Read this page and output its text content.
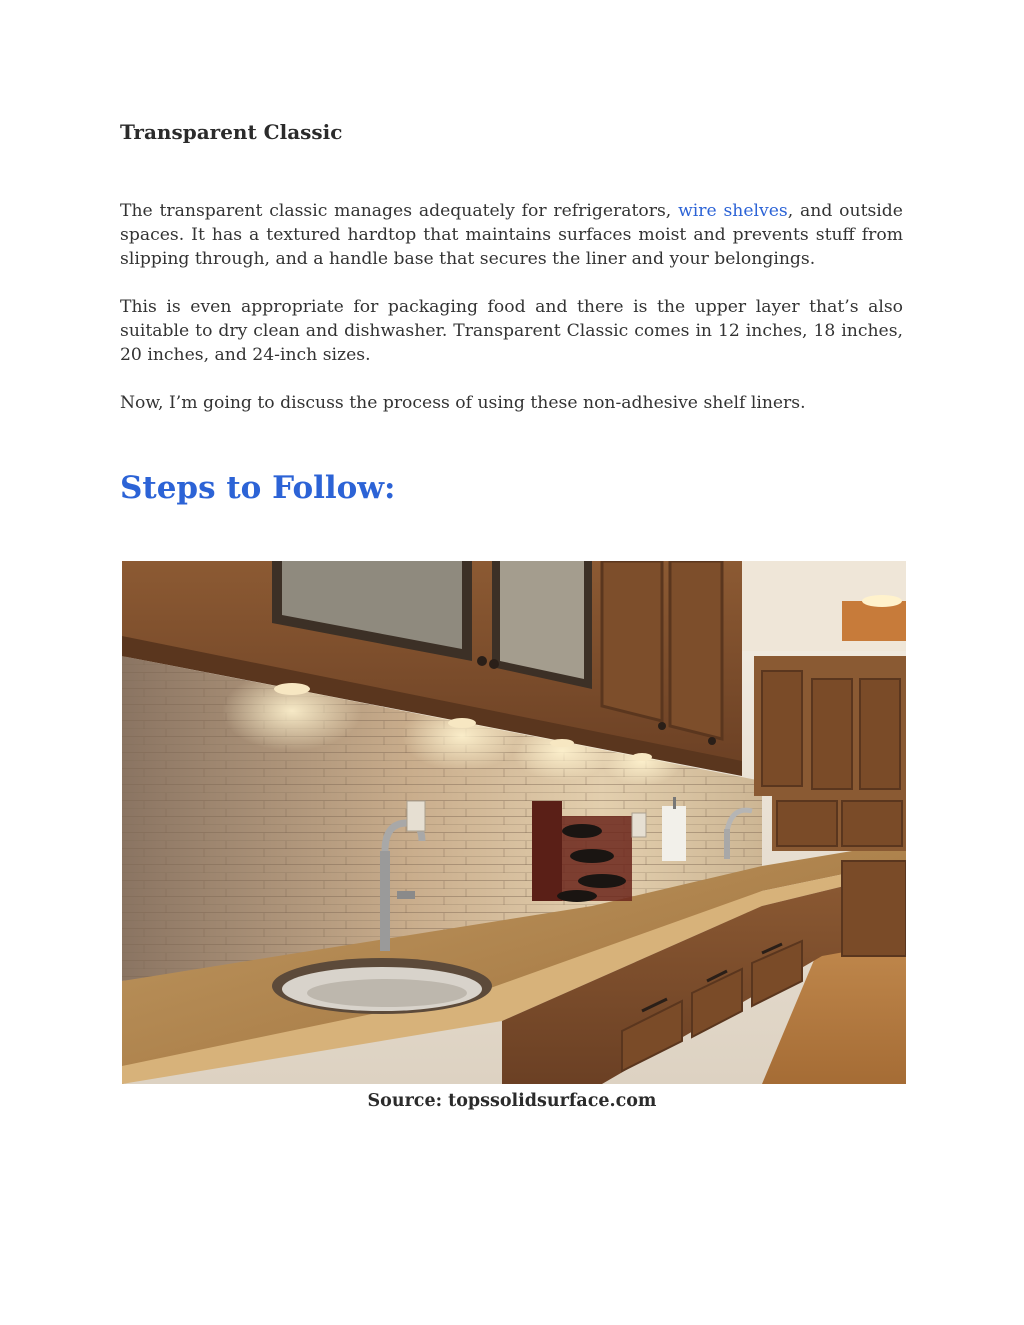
Transparent Classic

The transparent classic manages adequately for refrigerators, wire shelves, and outside spaces. It has a textured hardtop that maintains surfaces moist and prevents stuff from slipping through, and a handle base that secures the liner and your belongings.

This is even appropriate for packaging food and there is the upper layer that’s also suitable to dry clean and dishwasher. Transparent Classic comes in 12 inches, 18 inches, 20 inches, and 24-inch sizes.

Now, I’m going to discuss the process of using these non-adhesive shelf liners.

Steps to Follow:

Source: topssolidsurface.com
